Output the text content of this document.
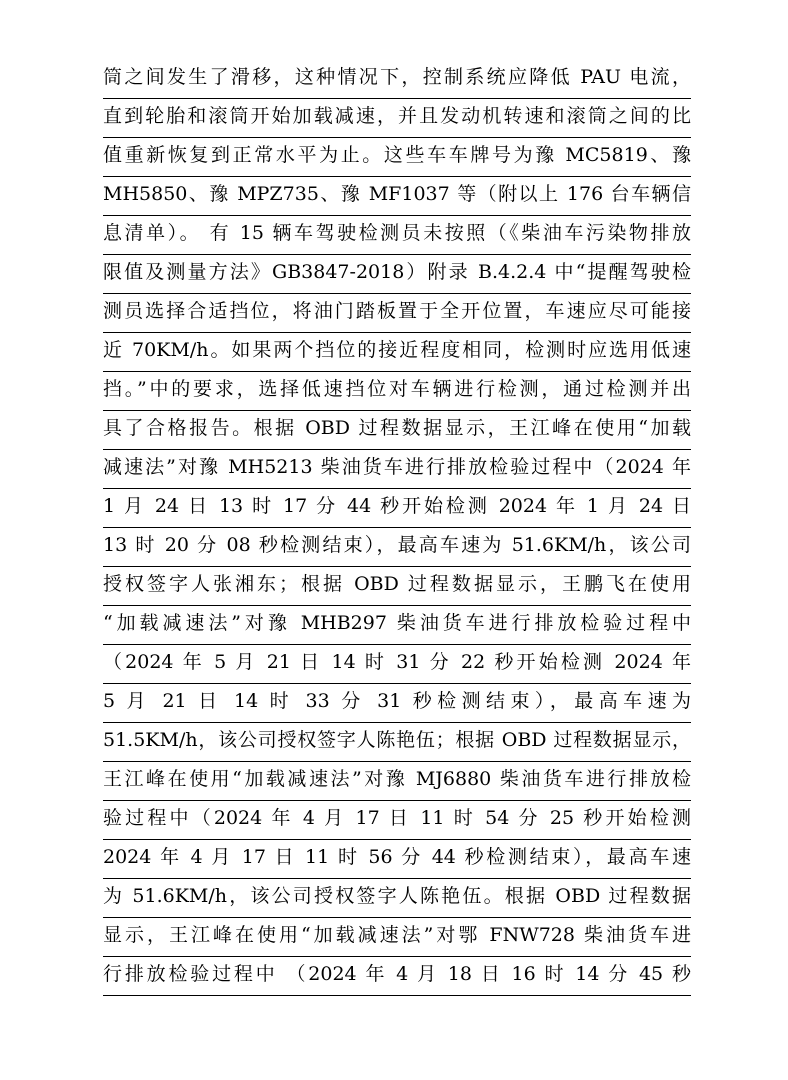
筒之间发生了滑移，这种情况下，控制系统应降低 PAU 电流，
直到轮胎和滚筒开始加载减速，并且发动机转速和滚筒之间的比
值重新恢复到正常水平为止。这些车车牌号为豫 MC5819、豫
MH5850、豫 MPZ735、豫 MF1037 等（附以上 176 台车辆信
息清单）。 有 15 辆车驾驶检测员未按照（《柴油车污染物排放
限值及测量方法》GB3847-2018）附录 B.4.2.4 中“提醒驾驶检
测员选择合适挡位，将油门踏板置于全开位置，车速应尽可能接
近 70KM/h。如果两个挡位的接近程度相同，检测时应选用低速
挡。”中的要求，选择低速挡位对车辆进行检测，通过检测并出
具了合格报告。根据 OBD 过程数据显示，王江峰在使用“加载
减速法”对豫 MH5213 柴油货车进行排放检验过程中（2024 年
1 月 24 日 13 时 17 分 44 秒开始检测 2024 年 1 月 24 日
13 时 20 分 08 秒检测结束），最高车速为 51.6KM/h，该公司
授权签字人张湘东；根据 OBD 过程数据显示，王鹏飞在使用
“加载减速法”对豫 MHB297 柴油货车进行排放检验过程中
（2024 年 5 月 21 日 14 时 31 分 22 秒开始检测 2024 年
5 月 21 日 14 时 33 分 31 秒检测结束），最高车速为
51.5KM/h，该公司授权签字人陈艳伍；根据 OBD 过程数据显示，
王江峰在使用“加载减速法”对豫 MJ6880 柴油货车进行排放检
验过程中（2024 年 4 月 17 日 11 时 54 分 25 秒开始检测
2024 年 4 月 17 日 11 时 56 分 44 秒检测结束），最高车速
为 51.6KM/h，该公司授权签字人陈艳伍。根据 OBD 过程数据
显示，王江峰在使用“加载减速法”对鄂 FNW728 柴油货车进
行排放检验过程中 （2024 年 4 月 18 日 16 时 14 分 45 秒
